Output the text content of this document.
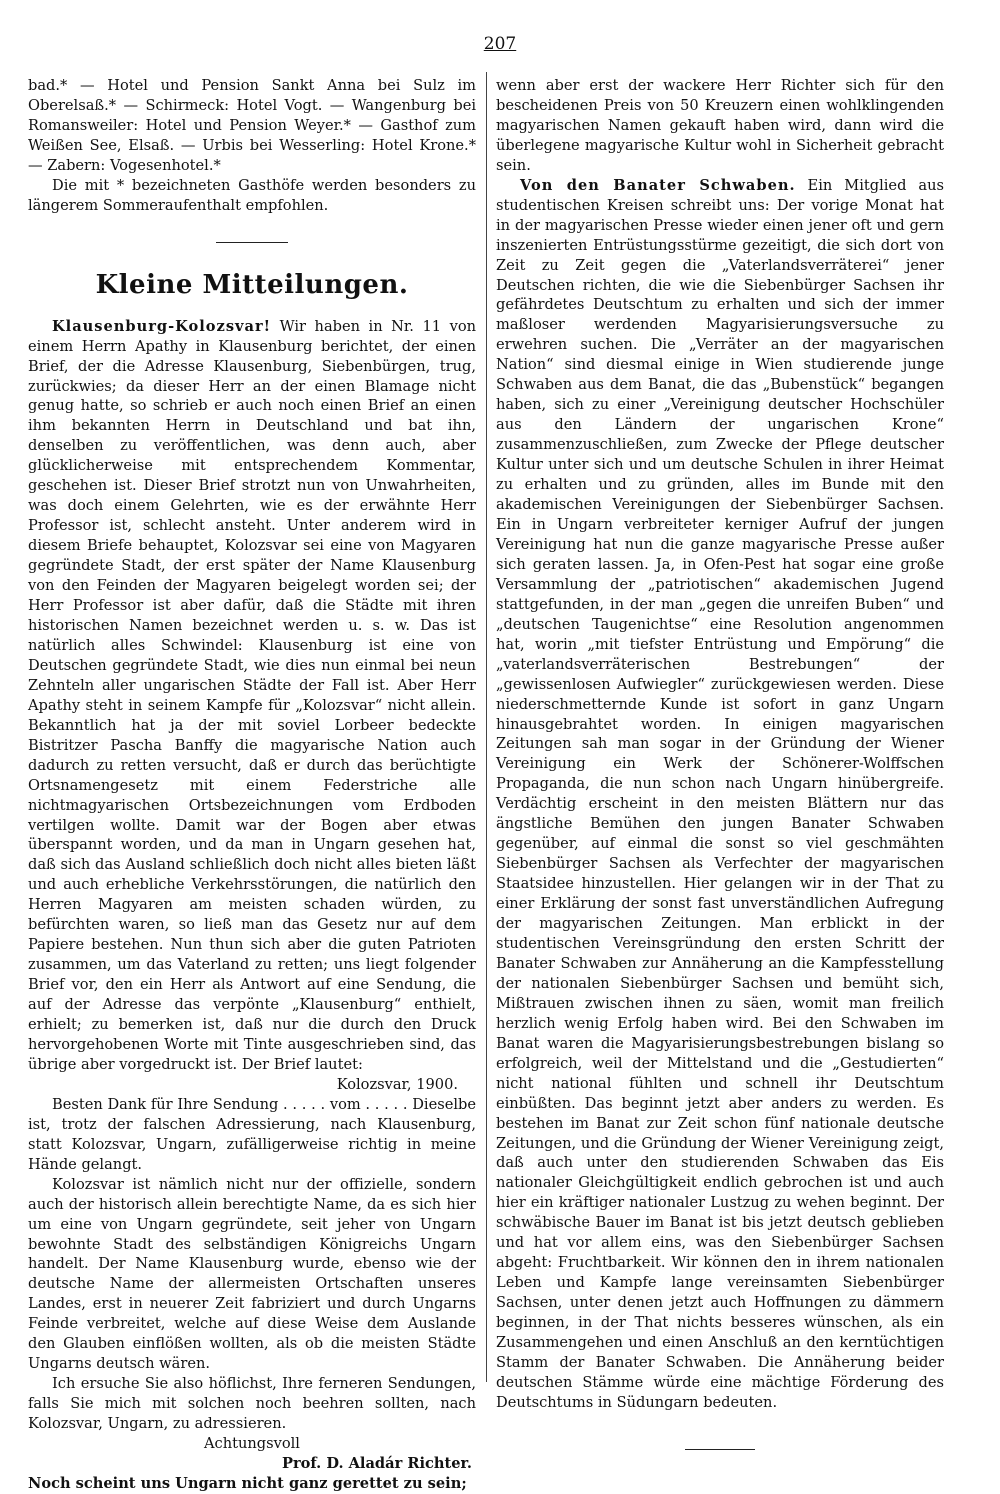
207

bad.* — Hotel und Pension Sankt Anna bei Sulz im Oberelsaß.* — Schirmeck: Hotel Vogt. — Wangenburg bei Romansweiler: Hotel und Pension Weyer.* — Gasthof zum Weißen See, Elsaß. — Urbis bei Wesserling: Hotel Krone.* — Zabern: Vogesenhotel.*

Die mit * bezeichneten Gasthöfe werden besonders zu längerem Sommeraufenthalt empfohlen.

Kleine Mitteilungen.

Klausenburg-Kolozsvar! Wir haben in Nr. 11 von einem Herrn Apathy in Klausenburg berichtet, der einen Brief, der die Adresse Klausenburg, Siebenbürgen, trug, zurückwies; da dieser Herr an der einen Blamage nicht genug hatte, so schrieb er auch noch einen Brief an einen ihm bekannten Herrn in Deutschland und bat ihn, denselben zu veröffentlichen, was denn auch, aber glücklicherweise mit entsprechendem Kommentar, geschehen ist. Dieser Brief strotzt nun von Unwahrheiten, was doch einem Gelehrten, wie es der erwähnte Herr Professor ist, schlecht ansteht. Unter anderem wird in diesem Briefe behauptet, Kolozsvar sei eine von Magyaren gegründete Stadt, der erst später der Name Klausenburg von den Feinden der Magyaren beigelegt worden sei; der Herr Professor ist aber dafür, daß die Städte mit ihren historischen Namen bezeichnet werden u. s. w. Das ist natürlich alles Schwindel: Klausenburg ist eine von Deutschen gegründete Stadt, wie dies nun einmal bei neun Zehnteln aller ungarischen Städte der Fall ist. Aber Herr Apathy steht in seinem Kampfe für „Kolozsvar“ nicht allein. Bekanntlich hat ja der mit soviel Lorbeer bedeckte Bistritzer Pascha Banffy die magyarische Nation auch dadurch zu retten versucht, daß er durch das berüchtigte Ortsnamengesetz mit einem Federstriche alle nichtmagyarischen Ortsbezeichnungen vom Erdboden vertilgen wollte. Damit war der Bogen aber etwas überspannt worden, und da man in Ungarn gesehen hat, daß sich das Ausland schließlich doch nicht alles bieten läßt und auch erhebliche Verkehrsstörungen, die natürlich den Herren Magyaren am meisten schaden würden, zu befürchten waren, so ließ man das Gesetz nur auf dem Papiere bestehen. Nun thun sich aber die guten Patrioten zusammen, um das Vaterland zu retten; uns liegt folgender Brief vor, den ein Herr als Antwort auf eine Sendung, die auf der Adresse das verpönte „Klausenburg“ enthielt, erhielt; zu bemerken ist, daß nur die durch den Druck hervorgehobenen Worte mit Tinte ausgeschrieben sind, das übrige aber vorgedruckt ist. Der Brief lautet:

Kolozsvar, 1900.

Besten Dank für Ihre Sendung . . . . . vom . . . . . Dieselbe ist, trotz der falschen Adressierung, nach Klausenburg, statt Kolozsvar, Ungarn, zufälligerweise richtig in meine Hände gelangt.

Kolozsvar ist nämlich nicht nur der offizielle, sondern auch der historisch allein berechtigte Name, da es sich hier um eine von Ungarn gegründete, seit jeher von Ungarn bewohnte Stadt des selbständigen Königreichs Ungarn handelt. Der Name Klausenburg wurde, ebenso wie der deutsche Name der allermeisten Ortschaften unseres Landes, erst in neuerer Zeit fabriziert und durch Ungarns Feinde verbreitet, welche auf diese Weise dem Auslande den Glauben einflößen wollten, als ob die meisten Städte Ungarns deutsch wären.

Ich ersuche Sie also höflichst, Ihre ferneren Sendungen, falls Sie mich mit solchen noch beehren sollten, nach Kolozsvar, Ungarn, zu adressieren.

Achtungsvoll

Prof. D. Aladár Richter.

Noch scheint uns Ungarn nicht ganz gerettet zu sein;

wenn aber erst der wackere Herr Richter sich für den bescheidenen Preis von 50 Kreuzern einen wohlklingenden magyarischen Namen gekauft haben wird, dann wird die überlegene magyarische Kultur wohl in Sicherheit gebracht sein.

Von den Banater Schwaben. Ein Mitglied aus studentischen Kreisen schreibt uns: Der vorige Monat hat in der magyarischen Presse wieder einen jener oft und gern inszenierten Entrüstungsstürme gezeitigt, die sich dort von Zeit zu Zeit gegen die „Vaterlandsverräterei“ jener Deutschen richten, die wie die Siebenbürger Sachsen ihr gefährdetes Deutschtum zu erhalten und sich der immer maßloser werdenden Magyarisierungsversuche zu erwehren suchen. Die „Verräter an der magyarischen Nation“ sind diesmal einige in Wien studierende junge Schwaben aus dem Banat, die das „Bubenstück“ begangen haben, sich zu einer „Vereinigung deutscher Hochschüler aus den Ländern der ungarischen Krone“ zusammenzuschließen, zum Zwecke der Pflege deutscher Kultur unter sich und um deutsche Schulen in ihrer Heimat zu erhalten und zu gründen, alles im Bunde mit den akademischen Vereinigungen der Siebenbürger Sachsen. Ein in Ungarn verbreiteter kerniger Aufruf der jungen Vereinigung hat nun die ganze magyarische Presse außer sich geraten lassen. Ja, in Ofen-Pest hat sogar eine große Versammlung der „patriotischen“ akademischen Jugend stattgefunden, in der man „gegen die unreifen Buben“ und „deutschen Taugenichtse“ eine Resolution angenommen hat, worin „mit tiefster Entrüstung und Empörung“ die „vaterlandsverräterischen Bestrebungen“ der „gewissenlosen Aufwiegler“ zurückgewiesen werden. Diese niederschmetternde Kunde ist sofort in ganz Ungarn hinausgebrahtet worden. In einigen magyarischen Zeitungen sah man sogar in der Gründung der Wiener Vereinigung ein Werk der Schönerer-Wolffschen Propaganda, die nun schon nach Ungarn hinübergreife. Verdächtig erscheint in den meisten Blättern nur das ängstliche Bemühen den jungen Banater Schwaben gegenüber, auf einmal die sonst so viel geschmähten Siebenbürger Sachsen als Verfechter der magyarischen Staatsidee hinzustellen. Hier gelangen wir in der That zu einer Erklärung der sonst fast unverständlichen Aufregung der magyarischen Zeitungen. Man erblickt in der studentischen Vereinsgründung den ersten Schritt der Banater Schwaben zur Annäherung an die Kampfesstellung der nationalen Siebenbürger Sachsen und bemüht sich, Mißtrauen zwischen ihnen zu säen, womit man freilich herzlich wenig Erfolg haben wird. Bei den Schwaben im Banat waren die Magyarisierungsbestrebungen bislang so erfolgreich, weil der Mittelstand und die „Gestudierten“ nicht national fühlten und schnell ihr Deutschtum einbüßten. Das beginnt jetzt aber anders zu werden. Es bestehen im Banat zur Zeit schon fünf nationale deutsche Zeitungen, und die Gründung der Wiener Vereinigung zeigt, daß auch unter den studierenden Schwaben das Eis nationaler Gleichgültigkeit endlich gebrochen ist und auch hier ein kräftiger nationaler Lustzug zu wehen beginnt. Der schwäbische Bauer im Banat ist bis jetzt deutsch geblieben und hat vor allem eins, was den Siebenbürger Sachsen abgeht: Fruchtbarkeit. Wir können den in ihrem nationalen Leben und Kampfe lange vereinsamten Siebenbürger Sachsen, unter denen jetzt auch Hoffnungen zu dämmern beginnen, in der That nichts besseres wünschen, als ein Zusammengehen und einen Anschluß an den kerntüchtigen Stamm der Banater Schwaben. Die Annäherung beider deutschen Stämme würde eine mächtige Förderung des Deutschtums in Südungarn bedeuten.
